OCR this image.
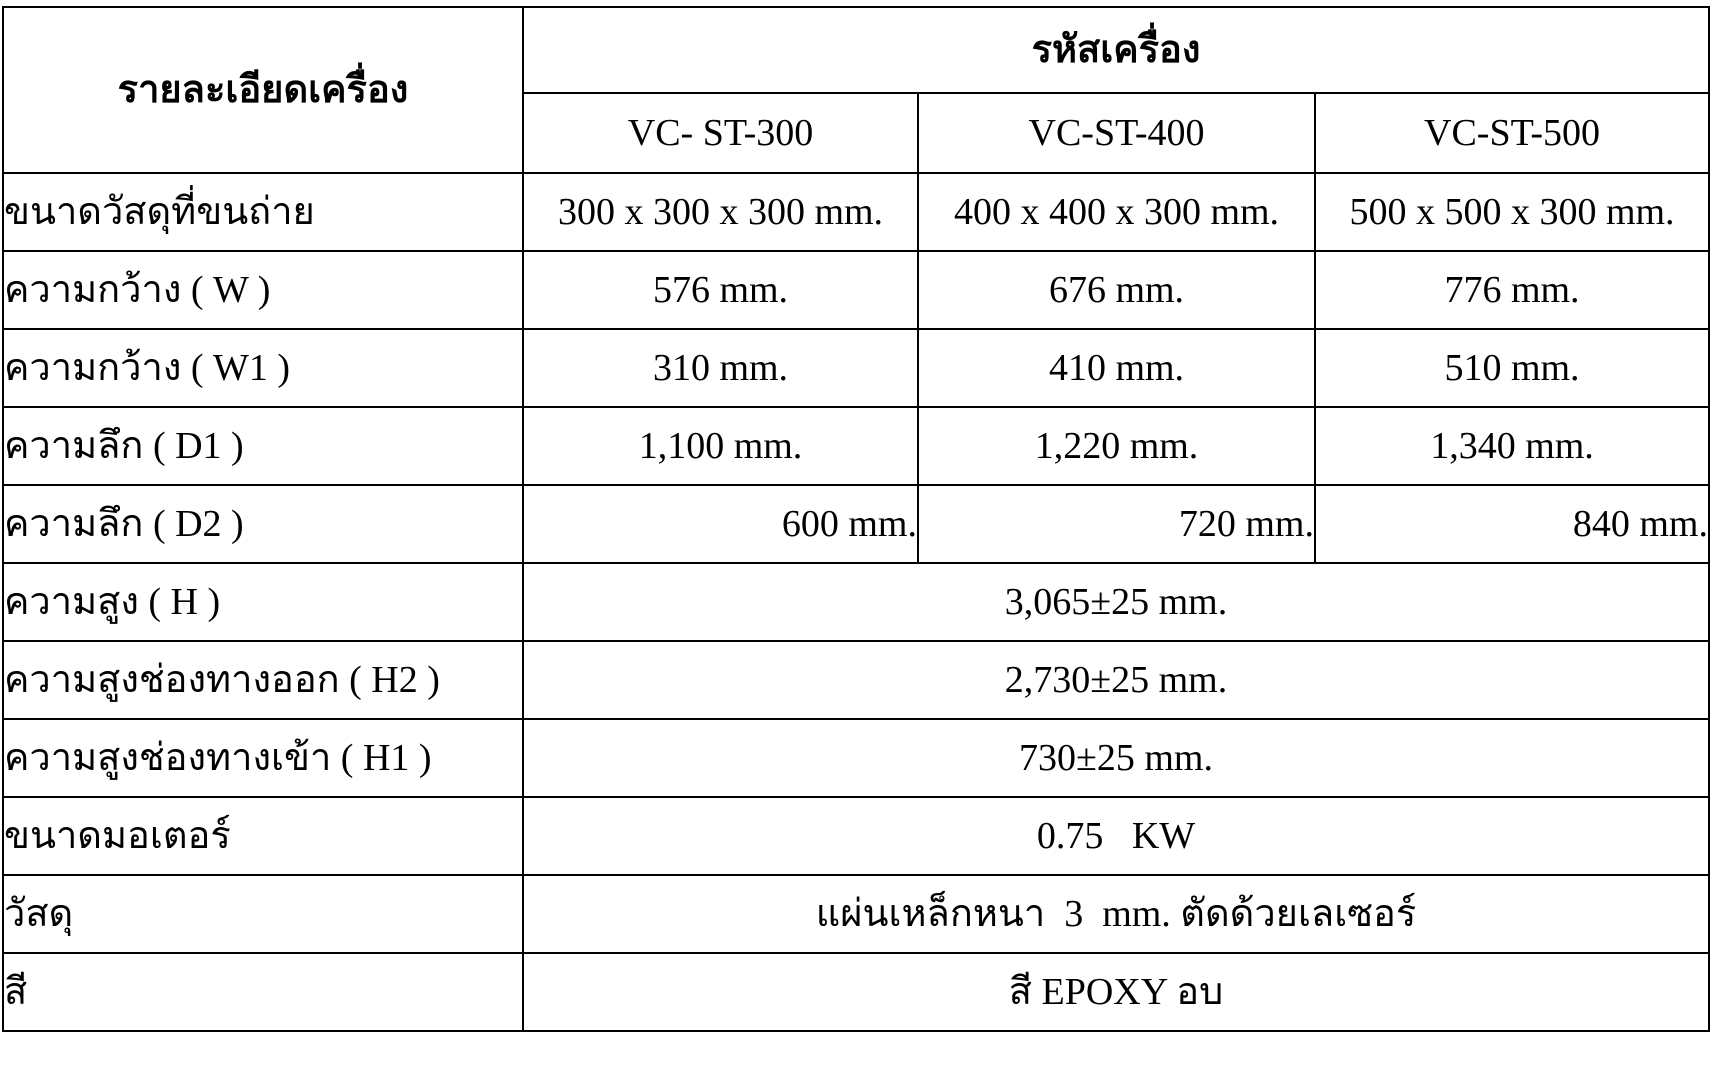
รายละเอียดเครื่อง	รหัสเครื่อง		
	VC- ST-300	VC-ST-400	VC-ST-500
ขนาดวัสดุที่ขนถ่าย	300 x 300 x 300 mm.	400 x 400 x 300 mm.	500 x 500 x 300 mm.
ความกว้าง ( W )	576 mm.	676 mm.	776 mm.
ความกว้าง ( W1 )	310 mm.	410 mm.	510 mm.
ความลึก ( D1 )	1,100 mm.	1,220 mm.	1,340 mm.
ความลึก ( D2 )	600 mm.	720 mm.	840 mm.
ความสูง ( H )	3,065±25 mm.		
ความสูงช่องทางออก ( H2 )	2,730±25 mm.		
ความสูงช่องทางเข้า ( H1 )	730±25 mm.		
ขนาดมอเตอร์	0.75   KW		
วัสดุ	แผ่นเหล็กหนา  3  mm. ตัดด้วยเลเซอร์		
สี	สี EPOXY อบ		
